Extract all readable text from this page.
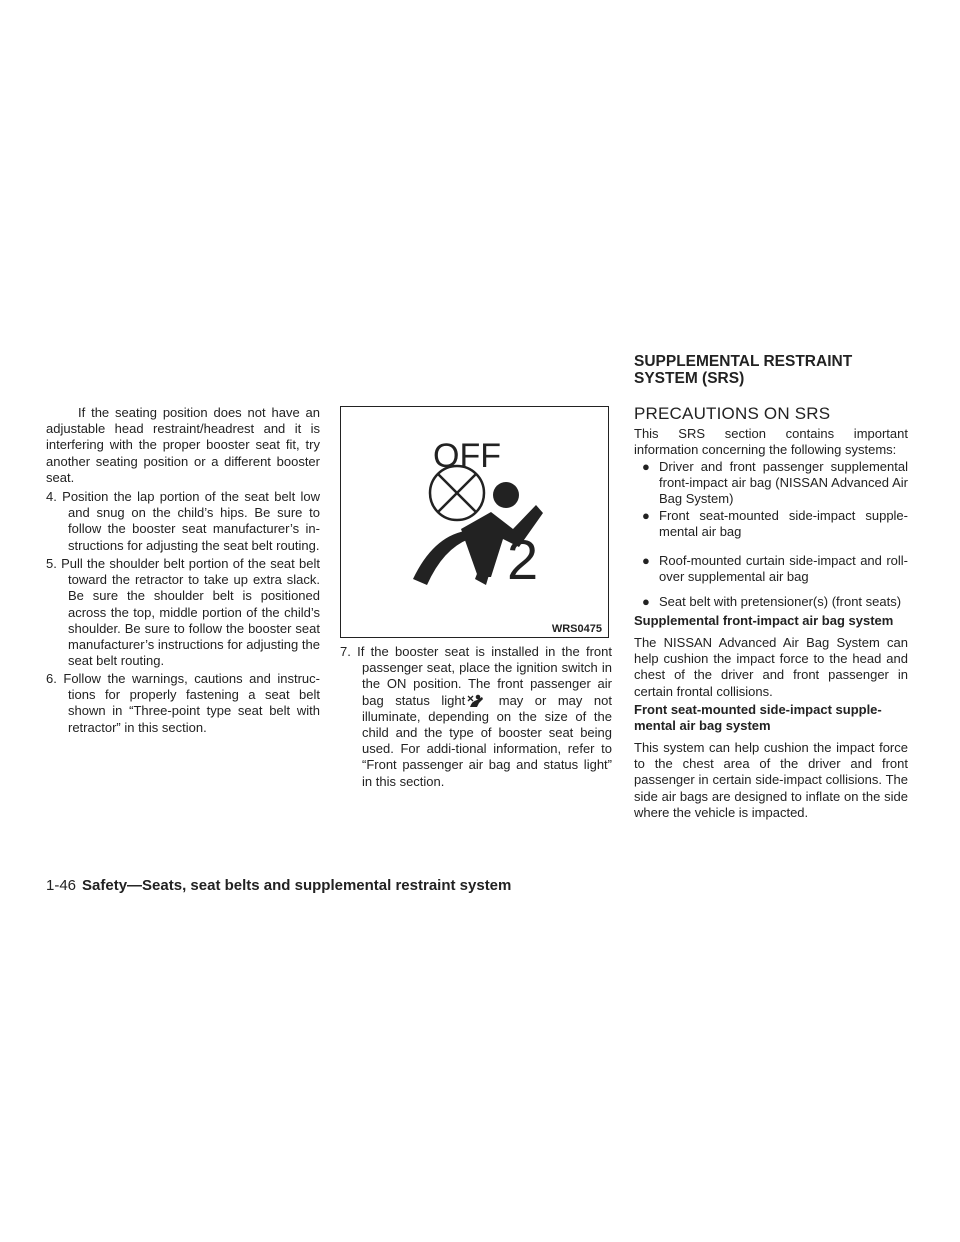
If the seating position does not have an adjustable head restraint/headrest and it is interfering with the proper booster seat fit, try another seating position or a different booster seat.

4. Position the lap portion of the seat belt low and snug on the child’s hips. Be sure to follow the booster seat manufacturer’s in-structions for adjusting the seat belt routing.

5. Pull the shoulder belt portion of the seat belt toward the retractor to take up extra slack. Be sure the shoulder belt is positioned across the top, middle portion of the child’s shoulder. Be sure to follow the booster seat manufacturer’s instructions for adjusting the seat belt routing.

6. Follow the warnings, cautions and instruc-tions for properly fastening a seat belt shown in “Three-point type seat belt with retractor” in this section.

OFF
2
WRS0475

7. If the booster seat is installed in the front passenger seat, place the ignition switch in the ON position. The front passenger air bag status light	may or may not illuminate, depending on the size of the child and the type of booster seat being used. For addi-tional information, refer to “Front passenger air bag and status light” in this section.

SUPPLEMENTAL RESTRAINT SYSTEM (SRS)
PRECAUTIONS ON SRS

This SRS section contains important information concerning the following systems:

● Driver and front passenger supplemental front-impact air bag (NISSAN Advanced Air Bag System)

● Front seat-mounted side-impact supple-mental air bag

● Roof-mounted curtain side-impact and roll-over supplemental air bag

● Seat belt with pretensioner(s) (front seats)

Supplemental front-impact air bag system

The NISSAN Advanced Air Bag System can help cushion the impact force to the head and chest of the driver and front passenger in certain frontal collisions.

Front seat-mounted side-impact supple-mental air bag system

This system can help cushion the impact force to the chest area of the driver and front passenger in certain side-impact collisions. The side air bags are designed to inflate on the side where the vehicle is impacted.

1-46 Safety—Seats, seat belts and supplemental restraint system
